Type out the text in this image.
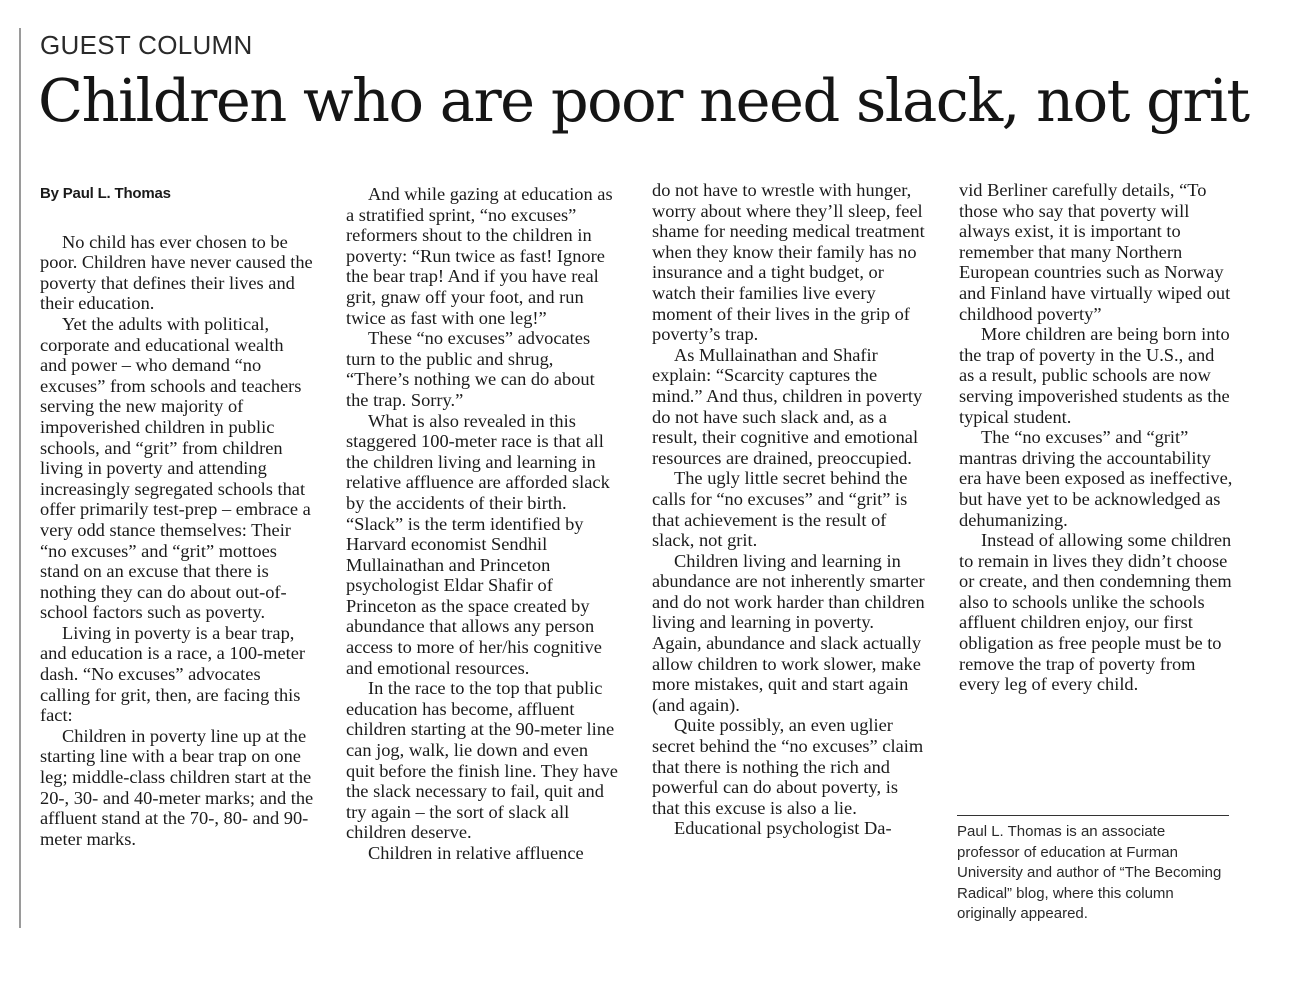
GUEST COLUMN
Children who are poor need slack, not grit

By Paul L. Thomas

No child has ever chosen to be poor. Children have never caused the poverty that defines their lives and their education.

Yet the adults with political, corporate and educational wealth and power – who demand “no excuses” from schools and teachers serving the new majority of impoverished children in public schools, and “grit” from children living in poverty and attending increasingly segregated schools that offer primarily test-prep – embrace a very odd stance themselves: Their “no excuses” and “grit” mottoes stand on an excuse that there is nothing they can do about out-of-school factors such as poverty.

Living in poverty is a bear trap, and education is a race, a 100-meter dash. “No excuses” advocates calling for grit, then, are facing this fact:

Children in poverty line up at the starting line with a bear trap on one leg; middle-class children start at the 20-, 30- and 40-meter marks; and the affluent stand at the 70-, 80- and 90-meter marks.

And while gazing at education as a stratified sprint, “no excuses” reformers shout to the children in poverty: “Run twice as fast! Ignore the bear trap! And if you have real grit, gnaw off your foot, and run twice as fast with one leg!”

These “no excuses” advocates turn to the public and shrug, “There’s nothing we can do about the trap. Sorry.”

What is also revealed in this staggered 100-meter race is that all the children living and learning in relative affluence are afforded slack by the accidents of their birth. “Slack” is the term identified by Harvard economist Sendhil Mullainathan and Princeton psychologist Eldar Shafir of Princeton as the space created by abundance that allows any person access to more of her/his cognitive and emotional resources.

In the race to the top that public education has become, affluent children starting at the 90-meter line can jog, walk, lie down and even quit before the finish line. They have the slack necessary to fail, quit and try again – the sort of slack all children deserve.

Children in relative affluence

do not have to wrestle with hunger, worry about where they’ll sleep, feel shame for needing medical treatment when they know their family has no insurance and a tight budget, or watch their families live every moment of their lives in the grip of poverty’s trap.

As Mullainathan and Shafir explain: “Scarcity captures the mind.” And thus, children in poverty do not have such slack and, as a result, their cognitive and emotional resources are drained, preoccupied.

The ugly little secret behind the calls for “no excuses” and “grit” is that achievement is the result of slack, not grit.

Children living and learning in abundance are not inherently smarter and do not work harder than children living and learning in poverty. Again, abundance and slack actually allow children to work slower, make more mistakes, quit and start again (and again).

Quite possibly, an even uglier secret behind the “no excuses” claim that there is nothing the rich and powerful can do about poverty, is that this excuse is also a lie.

Educational psychologist Da-

vid Berliner carefully details, “To those who say that poverty will always exist, it is important to remember that many Northern European countries such as Norway and Finland have virtually wiped out childhood poverty”

More children are being born into the trap of poverty in the U.S., and as a result, public schools are now serving impoverished students as the typical student.

The “no excuses” and “grit” mantras driving the accountability era have been exposed as ineffective, but have yet to be acknowledged as dehumanizing.

Instead of allowing some children to remain in lives they didn’t choose or create, and then condemning them also to schools unlike the schools affluent children enjoy, our first obligation as free people must be to remove the trap of poverty from every leg of every child.

Paul L. Thomas is an associate professor of education at Furman University and author of “The Becoming Radical” blog, where this column originally appeared.
